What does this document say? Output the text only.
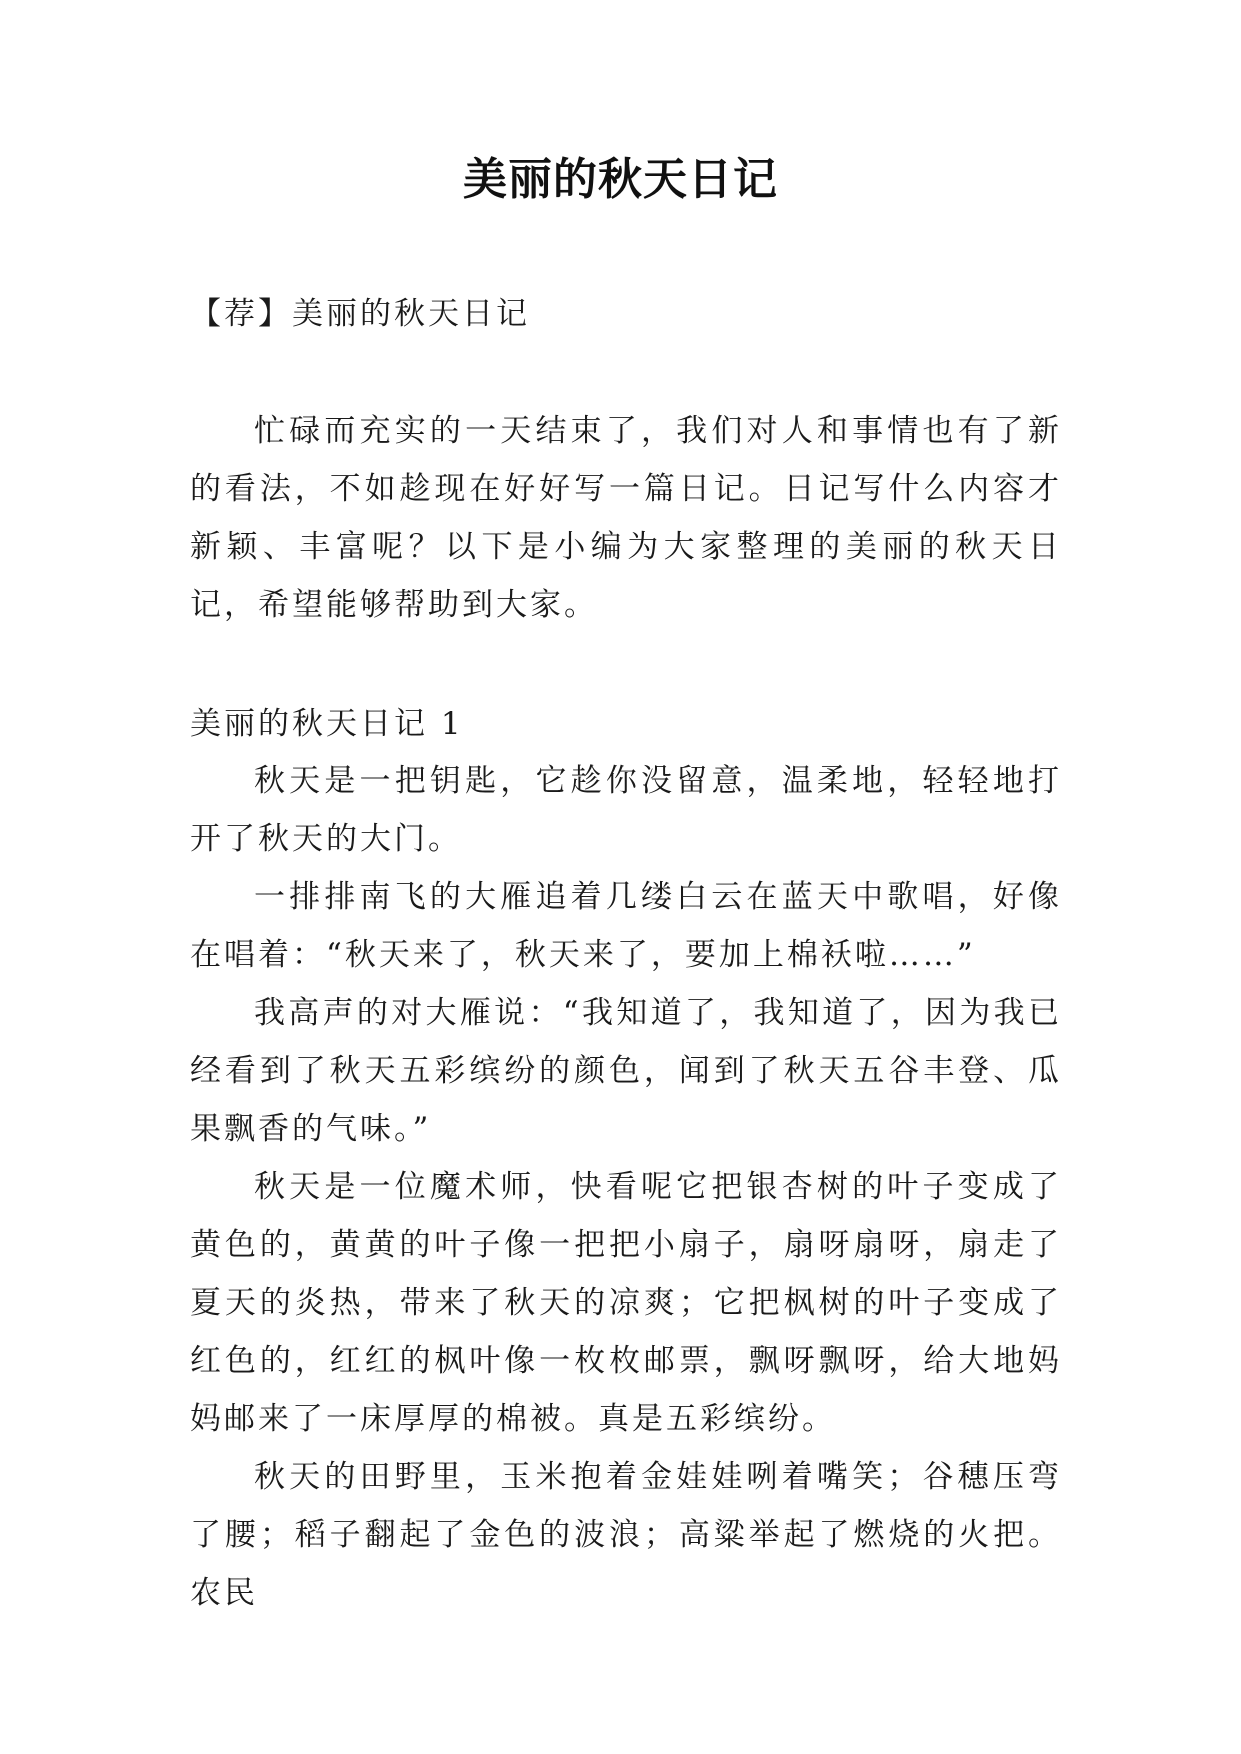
美丽的秋天日记
【荐】美丽的秋天日记
忙碌而充实的一天结束了，我们对人和事情也有了新的看法，不如趁现在好好写一篇日记。日记写什么内容才新颖、丰富呢？以下是小编为大家整理的美丽的秋天日记，希望能够帮助到大家。
美丽的秋天日记 1

秋天是一把钥匙，它趁你没留意，温柔地，轻轻地打开了秋天的大门。

一排排南飞的大雁追着几缕白云在蓝天中歌唱，好像在唱着：“秋天来了，秋天来了，要加上棉袄啦……”

我高声的对大雁说：“我知道了，我知道了，因为我已经看到了秋天五彩缤纷的颜色，闻到了秋天五谷丰登、瓜果飘香的气味。”

秋天是一位魔术师，快看呢它把银杏树的叶子变成了黄色的，黄黄的叶子像一把把小扇子，扇呀扇呀，扇走了夏天的炎热，带来了秋天的凉爽；它把枫树的叶子变成了红色的，红红的枫叶像一枚枚邮票，飘呀飘呀，给大地妈妈邮来了一床厚厚的棉被。真是五彩缤纷。

秋天的田野里，玉米抱着金娃娃咧着嘴笑；谷穗压弯了腰；稻子翻起了金色的波浪；高粱举起了燃烧的火把。农民
